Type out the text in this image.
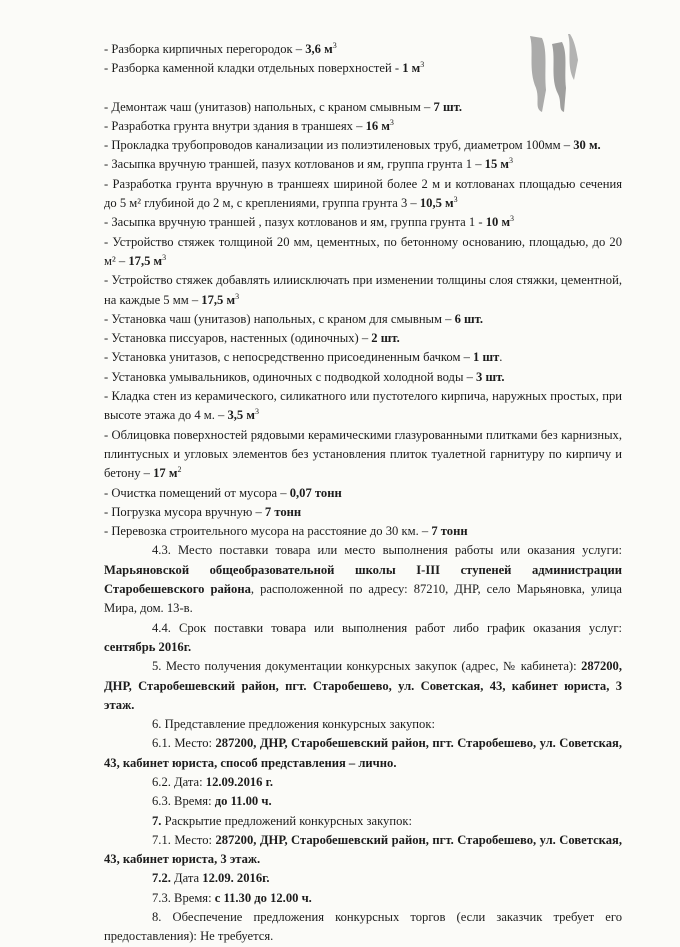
- Разборка кирпичных перегородок – 3,6 $м^3$

- Разборка каменной кладки отдельных поверхностей - 1 $м^3$

- Демонтаж чаш (унитазов) напольных, с краном смывным – 7 шт.

- Разработка грунта внутри здания в траншеях – 16 $м^3$

- Прокладка трубопроводов канализации из полиэтиленовых труб, диаметром 100мм – 30 м.

- Засыпка вручную траншей, пазух котлованов и ям, группа грунта 1 – 15 $м^3$

- Разработка грунта вручную в траншеях шириной более 2 м и котлованах площадью сечения до 5 м² глубиной до 2 м, с креплениями, группа грунта 3 – 10,5 $м^3$

- Засыпка вручную траншей , пазух котлованов и ям, группа грунта 1 - 10 $м^3$

- Устройство стяжек толщиной 20 мм, цементных, по бетонному основанию, площадью, до 20 м² – 17,5 $м^3$

- Устройство стяжек добавлять илиисключать при изменении толщины слоя стяжки, цементной, на каждые 5 мм – 17,5 $м^3$

- Установка чаш (унитазов) напольных, с краном для смывным – 6 шт.

- Установка писсуаров, настенных (одиночных) – 2 шт.

- Установка унитазов, с непосредственно присоединенным бачком – 1 шт.

- Установка умывальников, одиночных с подводкой холодной воды – 3 шт.

- Кладка стен из керамического, силикатного или пустотелого кирпича, наружных простых, при высоте этажа до 4 м. – 3,5 $м^3$

- Облицовка поверхностей рядовыми керамическими глазурованными плитками без карнизных, плинтусных и угловых элементов без установления плиток туалетной гарнитуру по кирпичу и бетону – 17 $м^2$

- Очистка помещений от мусора – 0,07 тонн

- Погрузка мусора вручную – 7 тонн

- Перевозка строительного мусора на расстояние до 30 км. – 7 тонн

4.3. Место поставки товара или место выполнения работы или оказания услуги: Марьяновской общеобразовательной школы I-III ступеней администрации Старобешевского района, расположенной по адресу: 87210, ДНР, село Марьяновка, улица Мира, дом. 13-в.

4.4. Срок поставки товара или выполнения работ либо график оказания услуг: сентябрь 2016г.

5. Место получения документации конкурсных закупок (адрес, № кабинета): 287200, ДНР, Старобешевский район, пгт. Старобешево, ул. Советская, 43, кабинет юриста, 3 этаж.

6. Представление предложения конкурсных закупок:

6.1. Место: 287200, ДНР, Старобешевский район, пгт. Старобешево, ул. Советская, 43, кабинет юриста, способ представления – лично.

6.2. Дата: 12.09.2016 г.

6.3. Время: до 11.00 ч.

7. Раскрытие предложений конкурсных закупок:

7.1. Место: 287200, ДНР, Старобешевский район, пгт. Старобешево, ул. Советская, 43, кабинет юриста, 3 этаж.

7.2. Дата 12.09. 2016г.

7.3. Время: с 11.30 до 12.00 ч.

8. Обеспечение предложения конкурсных торгов (если заказчик требует его предоставления): Не требуется.
